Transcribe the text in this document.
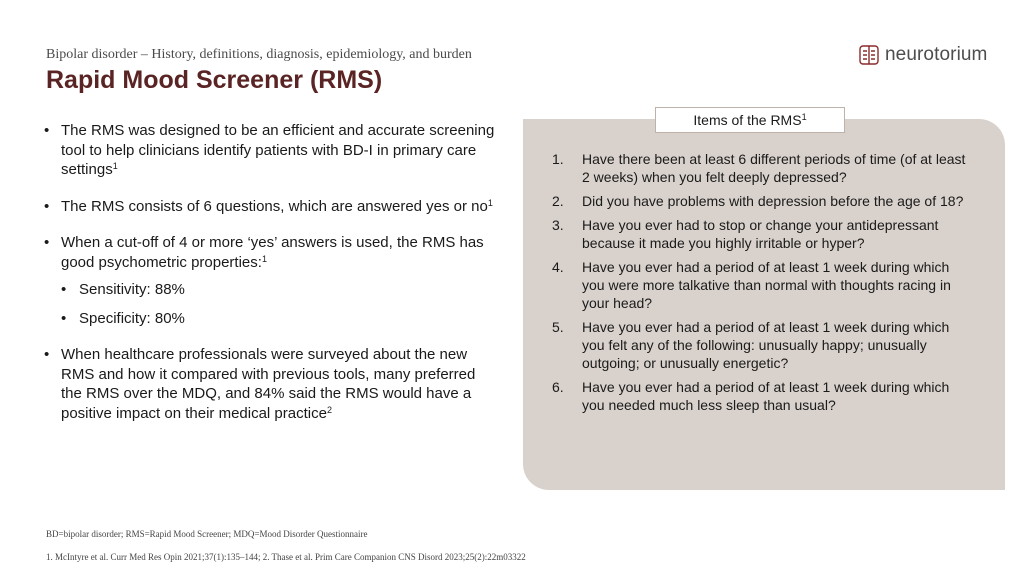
Bipolar disorder – History, definitions, diagnosis, epidemiology, and burden
Rapid Mood Screener (RMS)
neurotorium
• The RMS was designed to be an efficient and accurate screening tool to help clinicians identify patients with BD-I in primary care settings$^1$
• The RMS consists of 6 questions, which are answered yes or $no^1$
• When a cut-off of 4 or more ‘yes’ answers is used, the RMS has good psychometric properties:$^1$
• Sensitivity: 88%
• Specificity: 80%
• When healthcare professionals were surveyed about the new RMS and how it compared with previous tools, many preferred the RMS over the MDQ, and 84% said the RMS would have a positive impact on their medical practice$^2$
Items of the RMS$^1$
1. Have there been at least 6 different periods of time (of at least 2 weeks) when you felt deeply depressed?
2. Did you have problems with depression before the age of 18?
3. Have you ever had to stop or change your antidepressant because it made you highly irritable or hyper?
4. Have you ever had a period of at least 1 week during which you were more talkative than normal with thoughts racing in your head?
5. Have you ever had a period of at least 1 week during which you felt any of the following: unusually happy; unusually outgoing; or unusually energetic?
6. Have you ever had a period of at least 1 week during which you needed much less sleep than usual?
BD=bipolar disorder; RMS=Rapid Mood Screener; MDQ=Mood Disorder Questionnaire
1. McIntyre et al. Curr Med Res Opin 2021;37(1):135–144; 2. Thase et al. Prim Care Companion CNS Disord 2023;25(2):22m03322
